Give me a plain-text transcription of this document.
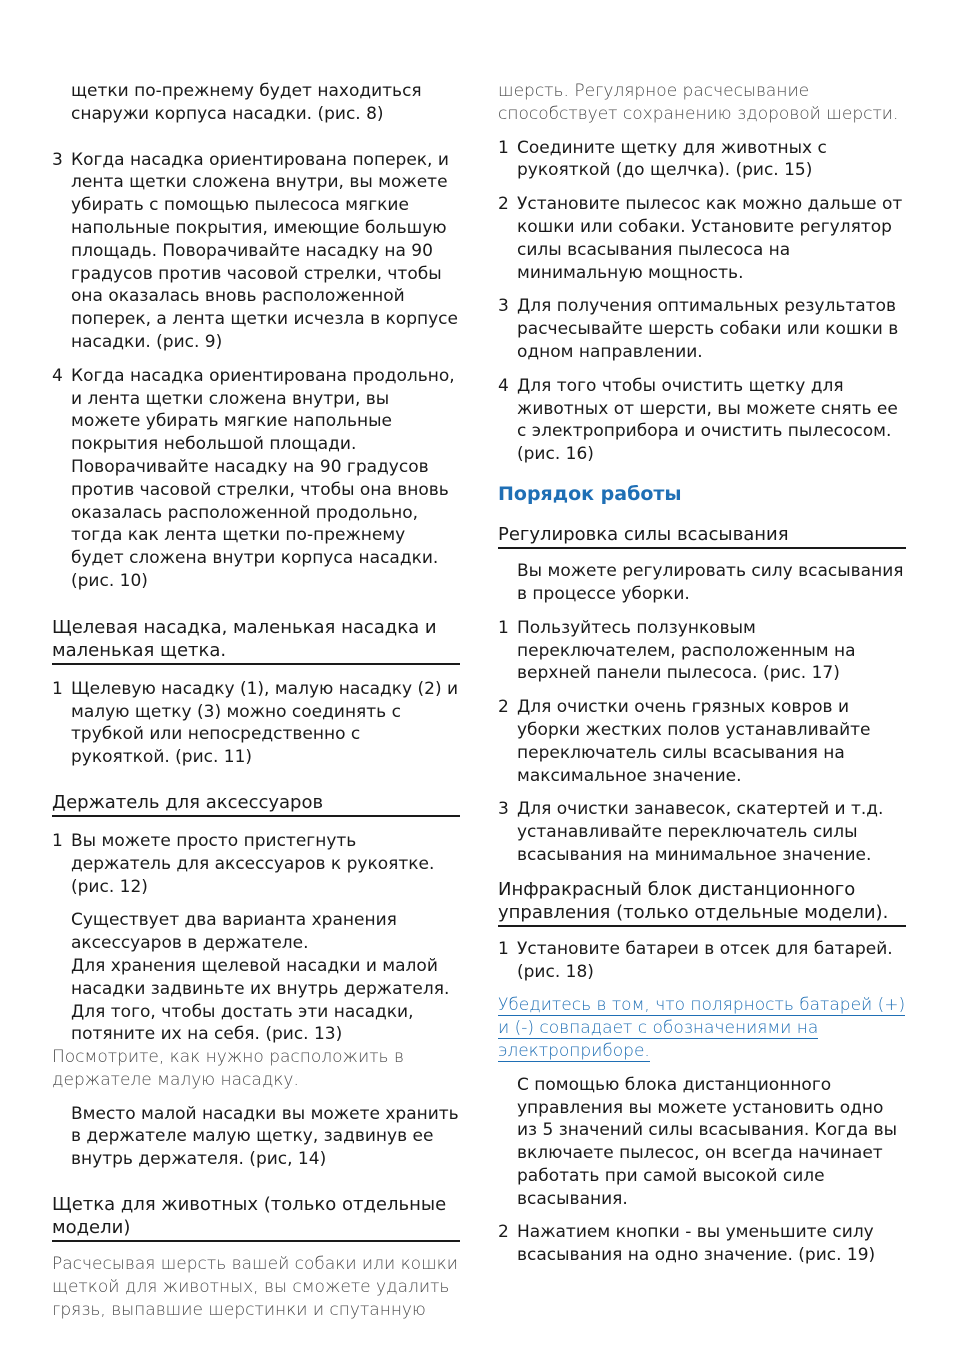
щетки по-прежнему будет находиться снаружи корпуса насадки. (рис. 8)

3 Когда насадка ориентирована поперек, и лента щетки сложена внутри, вы можете убирать с помощью пылесоса мягкие напольные покрытия, имеющие большую площадь. Поворачивайте насадку на 90 градусов против часовой стрелки, чтобы она оказалась вновь расположенной поперек, а лента щетки исчезла в корпусе насадки. (рис. 9)
4 Когда насадка ориентирована продольно, и лента щетки сложена внутри, вы можете убирать мягкие напольные покрытия небольшой площади. Поворачивайте насадку на 90 градусов против часовой стрелки, чтобы она вновь оказалась расположенной продольно, тогда как лента щетки по-прежнему будет сложена внутри корпуса насадки. (рис. 10)
Щелевая насадка, маленькая насадка и маленькая щетка.
1 Щелевую насадку (1), малую насадку (2) и малую щетку (3) можно соединять с трубкой или непосредственно с рукояткой. (рис. 11)
Держатель для аксессуаров
1 Вы можете просто пристегнуть держатель для аксессуаров к рукоятке. (рис. 12)

Существует два варианта хранения аксессуаров в держателе.

Для хранения щелевой насадки и малой насадки задвиньте их внутрь держателя. Для того, чтобы достать эти насадки, потяните их на себя. (рис. 13)

Посмотрите, как нужно расположить в держателе малую насадку.

Вместо малой насадки вы можете хранить в держателе малую щетку, задвинув ее внутрь держателя. (рис, 14)

Щетка для животных (только отдельные модели)

Расчесывая шерсть вашей собаки или кошки щеткой для животных, вы сможете удалить грязь, выпавшие шерстинки и спутанную

шерсть. Регулярное расчесывание способствует сохранению здоровой шерсти.

1 Соедините щетку для животных с рукояткой (до щелчка). (рис. 15)
2 Установите пылесос как можно дальше от кошки или собаки. Установите регулятор силы всасывания пылесоса на минимальную мощность.
3 Для получения оптимальных результатов расчесывайте шерсть собаки или кошки в одном направлении.
4 Для того чтобы очистить щетку для животных от шерсти, вы можете снять ее с электроприбора и очистить пылесосом.
(рис. 16)
Порядок работы
Регулировка силы всасывания

Вы можете регулировать силу всасывания в процессе уборки.

1 Пользуйтесь ползунковым переключателем, расположенным на верхней панели пылесоса. (рис. 17)
2 Для очистки очень грязных ковров и уборки жестких полов устанавливайте переключатель силы всасывания на максимальное значение.
3 Для очистки занавесок, скатертей и т.д. устанавливайте переключатель силы всасывания на минимальное значение.
Инфракрасный блок дистанционного управления (только отдельные модели).
1 Установите батареи в отсек для батарей. (рис. 18)

Убедитесь в том, что полярность батарей (+) и (-) совпадает с обозначениями на электроприборе.

С помощью блока дистанционного управления вы можете установить одно из 5 значений силы всасывания. Когда вы включаете пылесос, он всегда начинает работать при самой высокой силе всасывания.

2 Нажатием кнопки - вы уменьшите силу всасывания на одно значение. (рис. 19)
